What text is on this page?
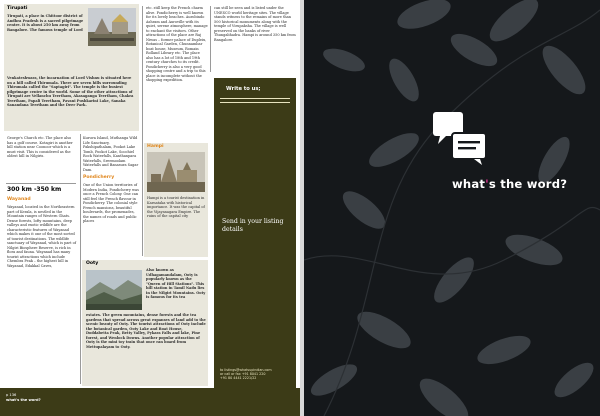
Tirupati

Tirupati, a place in Chittoor district of Andhra Pradesh is a sacred pilgrimage centre. It is about 250 km away from Bangalore. The famous temple of Lord

Venkateshwara, the incarnation of Lord Vishnu is situated here on a hill called Thirumala. There are seven hills surrounding Thirumala called the "Saptagiri". The temple is the busiest pilgrimage centre in the world. Some of the other attractions of Tirupati are Vellanchu Teertham, Akasaganga Teertham, Chakra Teertham, Papali Teertham, Pavani Pushkarini Lake, Sanaka Sanandana Teertham and the Deer Park.

George's Church etc. The place also has a golf course. Kotagiri is another hill station near Coonoor which is a must visit. This is considered as the oldest hill in Nilgiris.

300 km -350 km
Wayanad

Wayanad, located in the Northeastern part of Kerala, is nestled in the Mountain ranges of Western Ghats. Dense forests, lofty mountains, deep valleys and exotic wildlife are the characteristic features of Wayanad which makes it one of the most sorted of tourist destinations. The wildlife sanctuary of Wayanad, which is part of Nilgiri Biosphere Reserve, is rich in flora and fauna. Wayanad has many tourist attractions which include Chembra Peak – the highest hill in Wayanad, Edakkal Caves,

Kuruva Island, Muthanga Wild Life Sanctuary, Pakshipathalam, Pookot Lake Tomb, Pookot Lake, Soochiel Rock Waterfalls, Kanthanpara Waterfalls, Sreemoolam Waterfalls and Banasura Sagar Dam.

Pondicherry

One of the Union territories of Modern India, Pondicherry was once a French Colony. One can still feel the French flavour in Pondicherry. The colonial style French mansions, beautiful boulevards, the promenades, the names of roads and public places

Ooty

Also known as Udhagamandalam, Ooty is popularly known as the "Queen of Hill Stations". This hill station in Tamil Nadu lies in the Nilgiri Mountains. Ooty is famous for its tea

estates. The green mountains, dense forests and the tea gardens that spread across great expanses of land add to the scenic beauty of Ooty. The tourist attractions of Ooty include the botanical garden, Ooty Lake and Boat House, Doddabetta Peak, Betty Valley, Pykara Falls and lake, Pine forest, and Wenlock Downs. Another popular attraction of Ooty is the mini toy train that once ran board from Mettupalayam to Ooty.

etc. still keep the French charm alive. Pondicherry is well known for its lovely beaches. Aurobindo Ashram and Auroville with its quiet, serene atmosphere, manage to enchant the visitors. Other attractions of the place are Raj Niwas – former palace of Dupleix, Botanical Garden, Chunnambar boat house, Museum, Romain Rolland Library etc. The place also has a lot of 18th and 19th century churches to its credit. Pondicherry is also a very good shopping centre and a trip to this place is incomplete without the shopping expedition.

Hampi

Hampi is a tourist destination in Karnataka with historical importance. It was the capital of the Vijayanagara Empire. The ruins of the capital city

can still be seen and is listed under the UNESCO world heritage sites. The village stands witness to the remains of more than 500 historical monuments along with the temple of Virupaksha. The village is well preserved on the banks of river Thungabhadra. Hampi is around 350 km from Bangalore.

Write to us;
Send in your listing details
to listings@whatsupindian.com
or call or fax +91 8041 220
+91 80 4441 2221/22
p 136
what's the word?
what's the word?
